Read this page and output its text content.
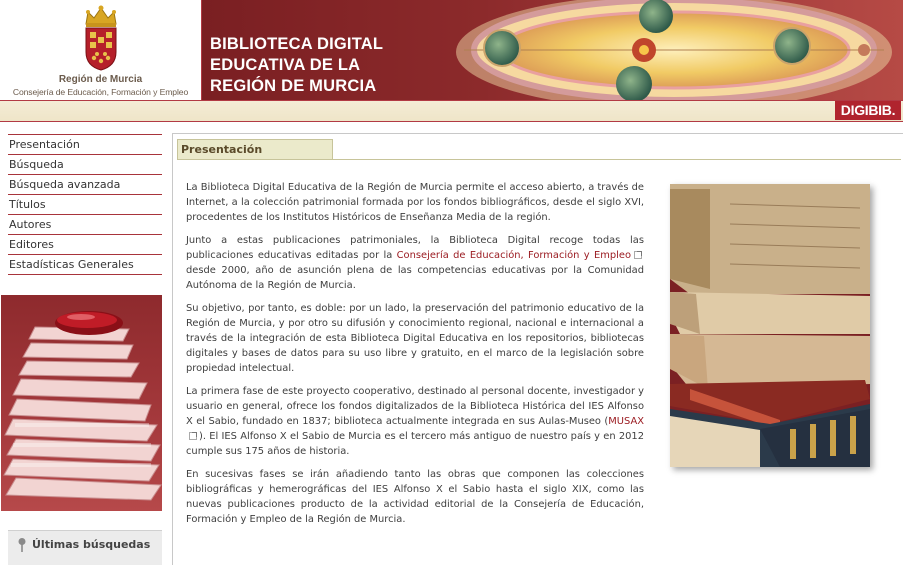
Región de Murcia
Consejería de Educación, Formación y Empleo
BIBLIOTECA DIGITAL
EDUCATIVA DE LA
REGIÓN DE MURCIA
DIGIBIB.
Presentación
Búsqueda
Búsqueda avanzada
Títulos
Autores
Editores
Estadísticas Generales
Últimas búsquedas
Presentación

La Biblioteca Digital Educativa de la Región de Murcia permite el acceso abierto, a través de Internet, a la colección patrimonial formada por los fondos bibliográficos, desde el siglo XVI, procedentes de los Institutos Históricos de Enseñanza Media de la región.

Junto a estas publicaciones patrimoniales, la Biblioteca Digital recoge todas las publicaciones educativas editadas por la Consejería de Educación, Formación y Empleo desde 2000, año de asunción plena de las competencias educativas por la Comunidad Autónoma de la Región de Murcia.

Su objetivo, por tanto, es doble: por un lado, la preservación del patrimonio educativo de la Región de Murcia, y por otro su difusión y conocimiento regional, nacional e internacional a través de la integración de esta Biblioteca Digital Educativa en los repositorios, bibliotecas digitales y bases de datos para su uso libre y gratuito, en el marco de la legislación sobre propiedad intelectual.

La primera fase de este proyecto cooperativo, destinado al personal docente, investigador y usuario en general, ofrece los fondos digitalizados de la Biblioteca Histórica del IES Alfonso X el Sabio, fundado en 1837; biblioteca actualmente integrada en sus Aulas-Museo (MUSAX). El IES Alfonso X el Sabio de Murcia es el tercero más antiguo de nuestro país y en 2012 cumple sus 175 años de historia.

En sucesivas fases se irán añadiendo tanto las obras que componen las colecciones bibliográficas y hemerográficas del IES Alfonso X el Sabio hasta el siglo XIX, como las nuevas publicaciones producto de la actividad editorial de la Consejería de Educación, Formación y Empleo de la Región de Murcia.
